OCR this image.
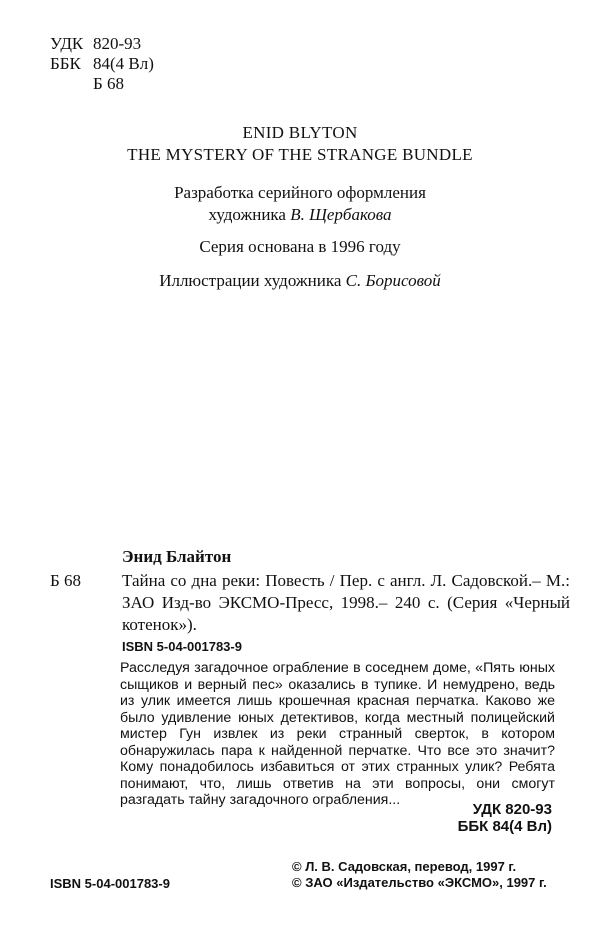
УДК 820-93
ББК 84(4 Вл)
Б 68
ENID BLYTON
THE MYSTERY OF THE STRANGE BUNDLE
Разработка серийного оформления
художника В. Щербакова
Серия основана в 1996 году
Иллюстрации художника С. Борисовой
Энид Блайтон
Б 68 Тайна со дна реки: Повесть / Пер. с англ. Л. Садовской.– М.: ЗАО Изд-во ЭКСМО-Пресс, 1998.– 240 с. (Серия «Черный котенок»).
ISBN 5-04-001783-9
Расследуя загадочное ограбление в соседнем доме, «Пять юных сыщиков и верный пес» оказались в тупике. И немудрено, ведь из улик имеется лишь крошечная красная перчатка. Каково же было удивление юных детективов, когда местный полицейский мистер Гун извлек из реки странный сверток, в котором обнаружилась пара к найденной перчатке. Что все это значит? Кому понадобилось избавиться от этих странных улик? Ребята понимают, что, лишь ответив на эти вопросы, они смогут разгадать тайну загадочного ограбления...
УДК 820-93
ББК 84(4 Вл)
ISBN 5-04-001783-9
© Л. В. Садовская, перевод, 1997 г.
© ЗАО «Издательство «ЭКСМО», 1997 г.
